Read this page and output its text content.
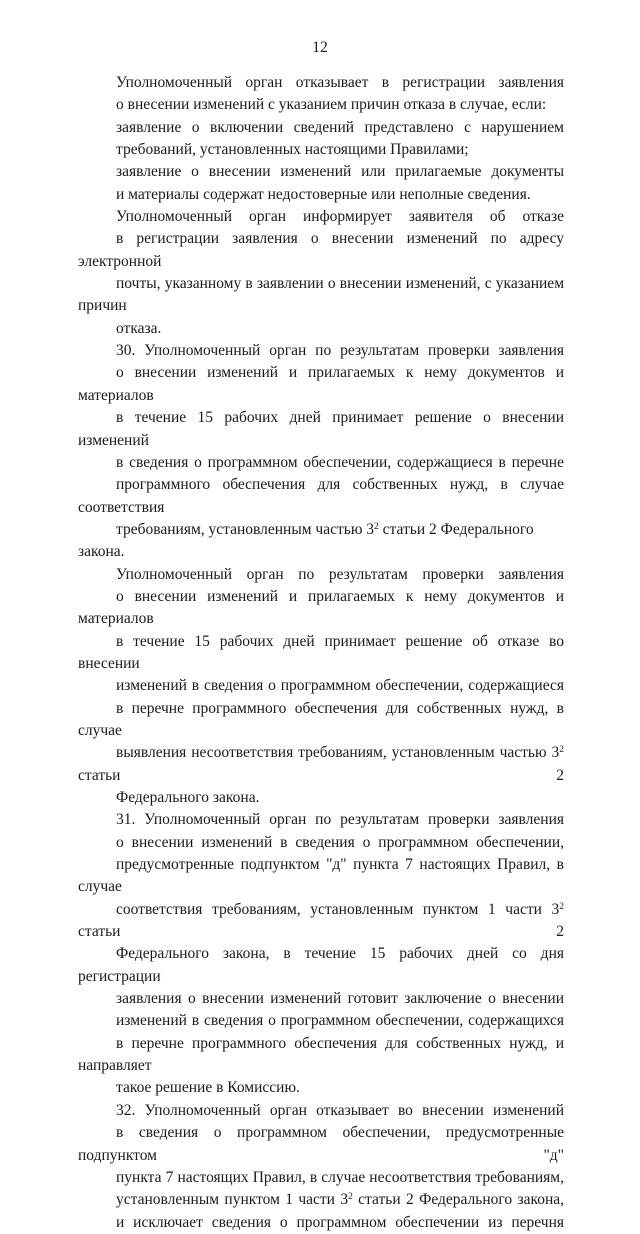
12
Уполномоченный орган отказывает в регистрации заявления
о внесении изменений с указанием причин отказа в случае, если:
заявление о включении сведений представлено с нарушением
требований, установленных настоящими Правилами;
заявление о внесении изменений или прилагаемые документы
и материалы содержат недостоверные или неполные сведения.
Уполномоченный орган информирует заявителя об отказе
в регистрации заявления о внесении изменений по адресу электронной
почты, указанному в заявлении о внесении изменений, с указанием причин
отказа.
30. Уполномоченный орган по результатам проверки заявления
о внесении изменений и прилагаемых к нему документов и материалов
в течение 15 рабочих дней принимает решение о внесении изменений
в сведения о программном обеспечении, содержащиеся в перечне
программного обеспечения для собственных нужд, в случае соответствия
требованиям, установленным частью $3^2$ статьи 2 Федерального закона.
Уполномоченный орган по результатам проверки заявления
о внесении изменений и прилагаемых к нему документов и материалов
в течение 15 рабочих дней принимает решение об отказе во внесении
изменений в сведения о программном обеспечении, содержащиеся
в перечне программного обеспечения для собственных нужд, в случае
выявления несоответствия требованиям, установленным частью $3^2$ статьи 2
Федерального закона.
31. Уполномоченный орган по результатам проверки заявления
о внесении изменений в сведения о программном обеспечении,
предусмотренные подпунктом "д" пункта 7 настоящих Правил, в случае
соответствия требованиям, установленным пунктом 1 части $3^2$ статьи 2
Федерального закона, в течение 15 рабочих дней со дня регистрации
заявления о внесении изменений готовит заключение о внесении
изменений в сведения о программном обеспечении, содержащихся
в перечне программного обеспечения для собственных нужд, и направляет
такое решение в Комиссию.
32. Уполномоченный орган отказывает во внесении изменений
в сведения о программном обеспечении, предусмотренные подпунктом "д"
пункта 7 настоящих Правил, в случае несоответствия требованиям,
установленным пунктом 1 части $3^2$ статьи 2 Федерального закона,
и исключает сведения о программном обеспечении из перечня
